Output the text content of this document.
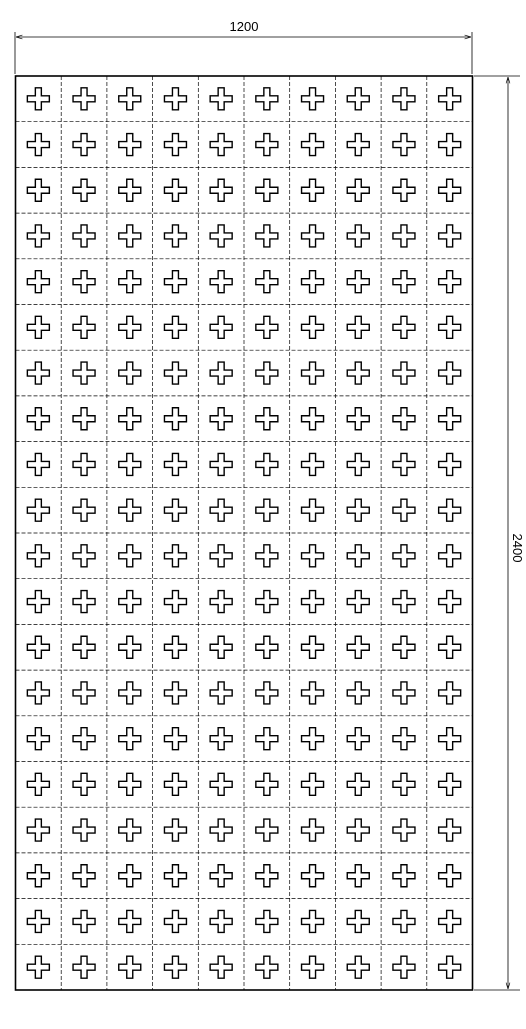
1200
2400
